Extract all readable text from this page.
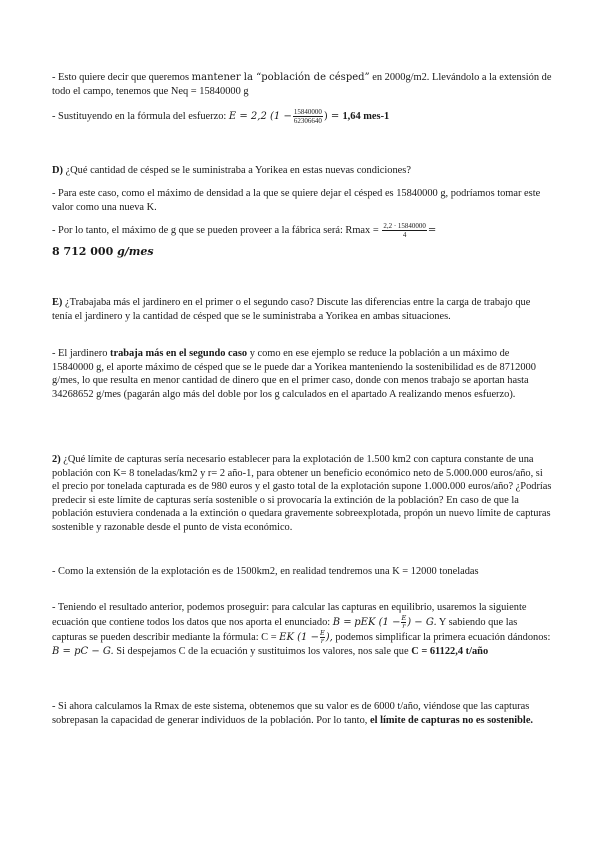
- Esto quiere decir que queremos mantener la “población de césped” en 2000g/m2. Llevándolo a la extensión de todo el campo, tenemos que Neq = 15840000 g

- Sustituyendo en la fórmula del esfuerzo: E = 2,2 ($1 - \frac{15840000}{62306640}$ ) = 1,64 mes-1

D) ¿Qué cantidad de césped se le suministraba a Yorikea en estas nuevas condiciones?

- Para este caso, como el máximo de densidad a la que se quiere dejar el césped es 15840000 g, podríamos tomar este valor como una nueva K.

- Por lo tanto, el máximo de g que se pueden proveer a la fábrica será: $Rmax = \frac{2,2 \cdot 15840000}{4}$ =

8 712 000 g/mes

E) ¿Trabajaba más el jardinero en el primer o el segundo caso? Discute las diferencias entre la carga de trabajo que tenía el jardinero y la cantidad de césped que se le suministraba a Yorikea en ambas situaciones.

- El jardinero trabaja más en el segundo caso y como en ese ejemplo se reduce la población a un máximo de 15840000 g, el aporte máximo de césped que se le puede dar a Yorikea manteniendo la sostenibilidad es de 8712000 g/mes, lo que resulta en menor cantidad de dinero que en el primer caso, donde con menos trabajo se aportan hasta 34268652 g/mes (pagarán algo más del doble por los g calculados en el apartado A realizando menos esfuerzo).

2) ¿Qué límite de capturas sería necesario establecer para la explotación de 1.500 km2 con captura constante de una población con K= 8 toneladas/km2 y r= 2 año-1, para obtener un beneficio económico neto de 5.000.000 euros/año, si el precio por tonelada capturada es de 980 euros y el gasto total de la explotación supone 1.000.000 euros/año? ¿Podrías predecir si este límite de capturas sería sostenible o si provocaría la extinción de la población? En caso de que la población estuviera condenada a la extinción o quedara gravemente sobreexplotada, propón un nuevo límite de capturas sostenible y razonable desde el punto de vista económico.

- Como la extensión de la explotación es de 1500km2, en realidad tendremos una K = 12000 toneladas

- Teniendo el resultado anterior, podemos proseguir: para calcular las capturas en equilibrio, usaremos la siguiente ecuación que contiene todos los datos que nos aporta el enunciado: B = pEK ($1 - \frac{E}{r}$ ) − G. Y sabiendo que las capturas se pueden describir mediante la fórmula: C = EK ($1 - \frac{E}{r}$ ), podemos simplificar la primera ecuación dándonos: B = pC − G. Si despejamos C de la ecuación y sustituimos los valores, nos sale que C = 61122,4 t/año

- Si ahora calculamos la Rmax de este sistema, obtenemos que su valor es de 6000 t/año, viéndose que las capturas sobrepasan la capacidad de generar individuos de la población. Por lo tanto, el límite de capturas no es sostenible.
